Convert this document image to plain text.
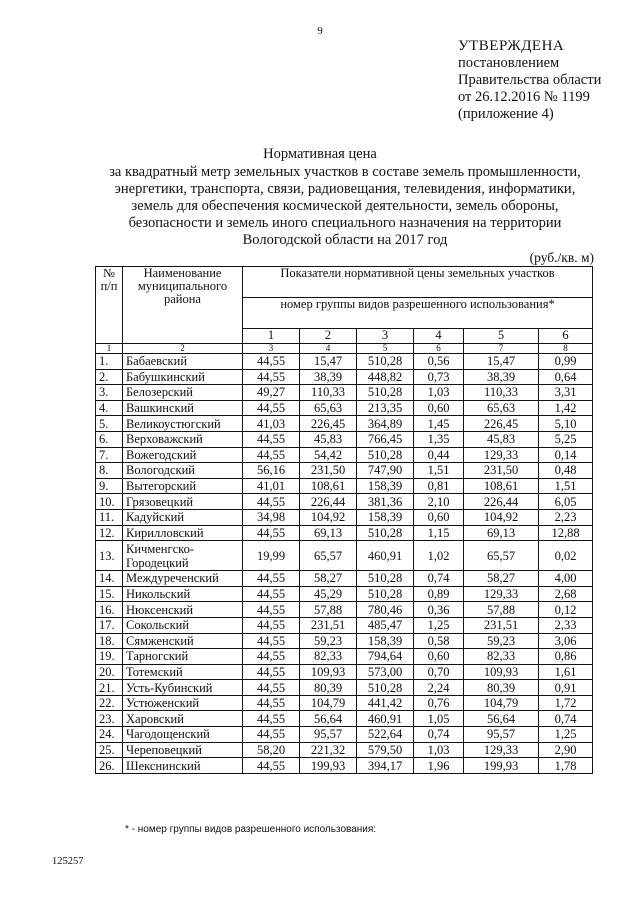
9
УТВЕРЖДЕНА
постановлением
Правительства области
от 26.12.2016 № 1199
(приложение 4)
Нормативная цена
за квадратный метр земельных участков в составе земель промышленности, энергетики, транспорта, связи, радиовещания, телевидения, информатики, земель для обеспечения космической деятельности, земель обороны, безопасности и земель иного специального назначения на территории Вологодской области на 2017 год
(руб./кв. м)
№ п/п	Наименование муниципального района	Показатели нормативной цены земельных участков					
		номер группы видов разрешенного использования*					
		1	2	3	4	5	6
1	2	3	4	5	6	7	8
1.	Бабаевский	44,55	15,47	510,28	0,56	15,47	0,99
2.	Бабушкинский	44,55	38,39	448,82	0,73	38,39	0,64
3.	Белозерский	49,27	110,33	510,28	1,03	110,33	3,31
4.	Вашкинский	44,55	65,63	213,35	0,60	65,63	1,42
5.	Великоустюгский	41,03	226,45	364,89	1,45	226,45	5,10
6.	Верховажский	44,55	45,83	766,45	1,35	45,83	5,25
7.	Вожегодский	44,55	54,42	510,28	0,44	129,33	0,14
8.	Вологодский	56,16	231,50	747,90	1,51	231,50	0,48
9.	Вытегорский	41,01	108,61	158,39	0,81	108,61	1,51
10.	Грязовецкий	44,55	226,44	381,36	2,10	226,44	6,05
11.	Кадуйский	34,98	104,92	158,39	0,60	104,92	2,23
12.	Кирилловский	44,55	69,13	510,28	1,15	69,13	12,88
13.	Кичменгско-Городецкий	19,99	65,57	460,91	1,02	65,57	0,02
14.	Междуреченский	44,55	58,27	510,28	0,74	58,27	4,00
15.	Никольский	44,55	45,29	510,28	0,89	129,33	2,68
16.	Нюксенский	44,55	57,88	780,46	0,36	57,88	0,12
17.	Сокольский	44,55	231,51	485,47	1,25	231,51	2,33
18.	Сямженский	44,55	59,23	158,39	0,58	59,23	3,06
19.	Тарногский	44,55	82,33	794,64	0,60	82,33	0,86
20.	Тотемский	44,55	109,93	573,00	0,70	109,93	1,61
21.	Усть-Кубинский	44,55	80,39	510,28	2,24	80,39	0,91
22.	Устюженский	44,55	104,79	441,42	0,76	104,79	1,72
23.	Харовский	44,55	56,64	460,91	1,05	56,64	0,74
24.	Чагодощенский	44,55	95,57	522,64	0,74	95,57	1,25
25.	Череповецкий	58,20	221,32	579,50	1,03	129,33	2,90
26.	Шекснинский	44,55	199,93	394,17	1,96	199,93	1,78
* - номер группы видов разрешенного использования:
125257
